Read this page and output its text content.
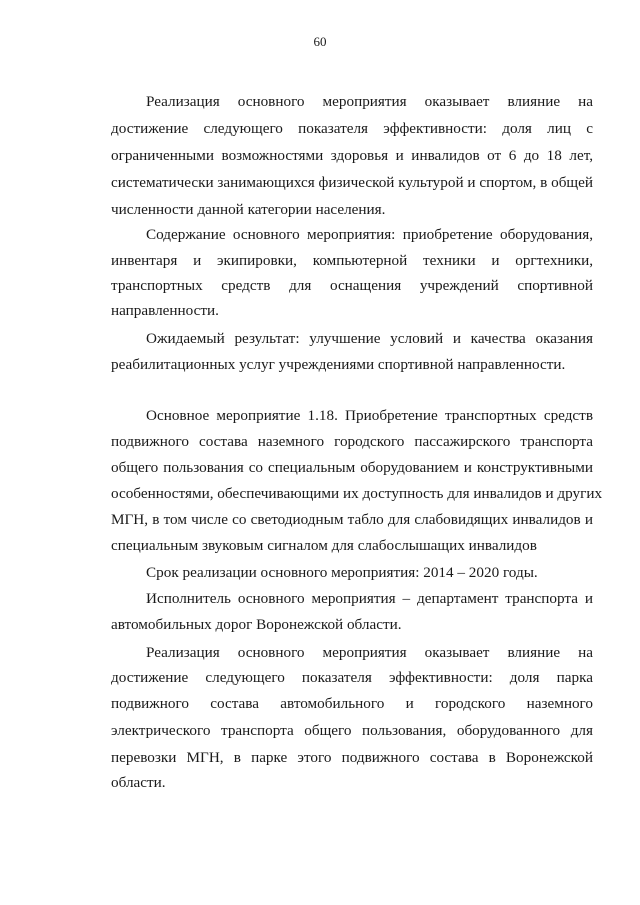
60
Реализация основного мероприятия оказывает влияние на
достижение следующего показателя эффективности: доля лиц с
ограниченными возможностями здоровья и инвалидов от 6 до 18 лет,
систематически занимающихся физической культурой и спортом, в общей
численности данной категории населения.
Содержание основного мероприятия: приобретение оборудования,
инвентаря и экипировки, компьютерной техники и оргтехники,
транспортных средств для оснащения учреждений спортивной
направленности.
Ожидаемый результат: улучшение условий и качества оказания
реабилитационных услуг учреждениями спортивной направленности.
Основное мероприятие 1.18. Приобретение транспортных средств
подвижного состава наземного городского пассажирского транспорта
общего пользования со специальным оборудованием и конструктивными
особенностями, обеспечивающими их доступность для инвалидов и других
МГН, в том числе со светодиодным табло для слабовидящих инвалидов и
специальным звуковым сигналом для слабослышащих инвалидов
Срок реализации основного мероприятия: 2014 – 2020 годы.
Исполнитель основного мероприятия – департамент транспорта и
автомобильных дорог Воронежской области.
Реализация основного мероприятия оказывает влияние на
достижение следующего показателя эффективности: доля парка
подвижного состава автомобильного и городского наземного
электрического транспорта общего пользования, оборудованного для
перевозки МГН, в парке этого подвижного состава в Воронежской
области.
